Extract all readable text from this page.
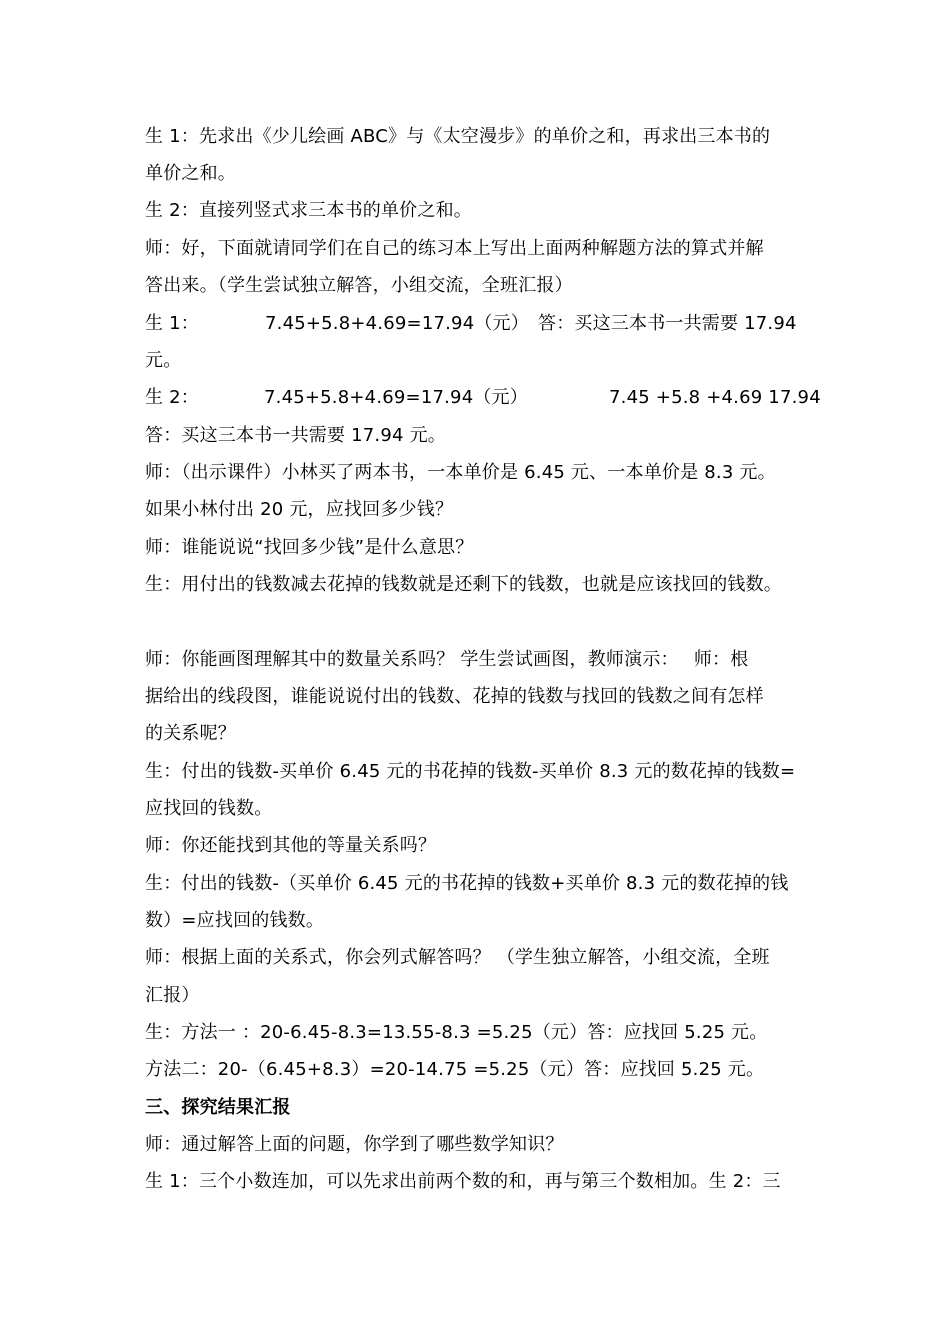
生 1：先求出《少儿绘画 ABC》与《太空漫步》的单价之和，再求出三本书的
单价之和。
生 2：直接列竖式求三本书的单价之和。
师：好，下面就请同学们在自己的练习本上写出上面两种解题方法的算式并解
答出来。（学生尝试独立解答，小组交流，全班汇报）
生 1：	7.45+5.8+4.69=17.94（元） 答：买这三本书一共需要 17.94
元。
生 2：	7.45+5.8+4.69=17.94（元）	7.45 +5.8 +4.69 17.94
答：买这三本书一共需要 17.94 元。
师：（出示课件）小林买了两本书，一本单价是 6.45 元、一本单价是 8.3 元。
如果小林付出 20 元，应找回多少钱？
师：谁能说说“找回多少钱”是什么意思？
生：用付出的钱数减去花掉的钱数就是还剩下的钱数，也就是应该找回的钱数。
师：你能画图理解其中的数量关系吗？ 学生尝试画图，教师演示：　 师：根
据给出的线段图，谁能说说付出的钱数、花掉的钱数与找回的钱数之间有怎样
的关系呢？
生：付出的钱数-买单价 6.45 元的书花掉的钱数-买单价 8.3 元的数花掉的钱数=
应找回的钱数。
师：你还能找到其他的等量关系吗？
生：付出的钱数-（买单价 6.45 元的书花掉的钱数+买单价 8.3 元的数花掉的钱
数）=应找回的钱数。
师：根据上面的关系式，你会列式解答吗？ （学生独立解答，小组交流，全班
汇报）
生：方法一 ：20-6.45-8.3=13.55-8.3 =5.25（元）答：应找回 5.25 元。
方法二：20-（6.45+8.3）=20-14.75 =5.25（元）答：应找回 5.25 元。
三、探究结果汇报
师：通过解答上面的问题，你学到了哪些数学知识？
生 1：三个小数连加，可以先求出前两个数的和，再与第三个数相加。生 2：三
